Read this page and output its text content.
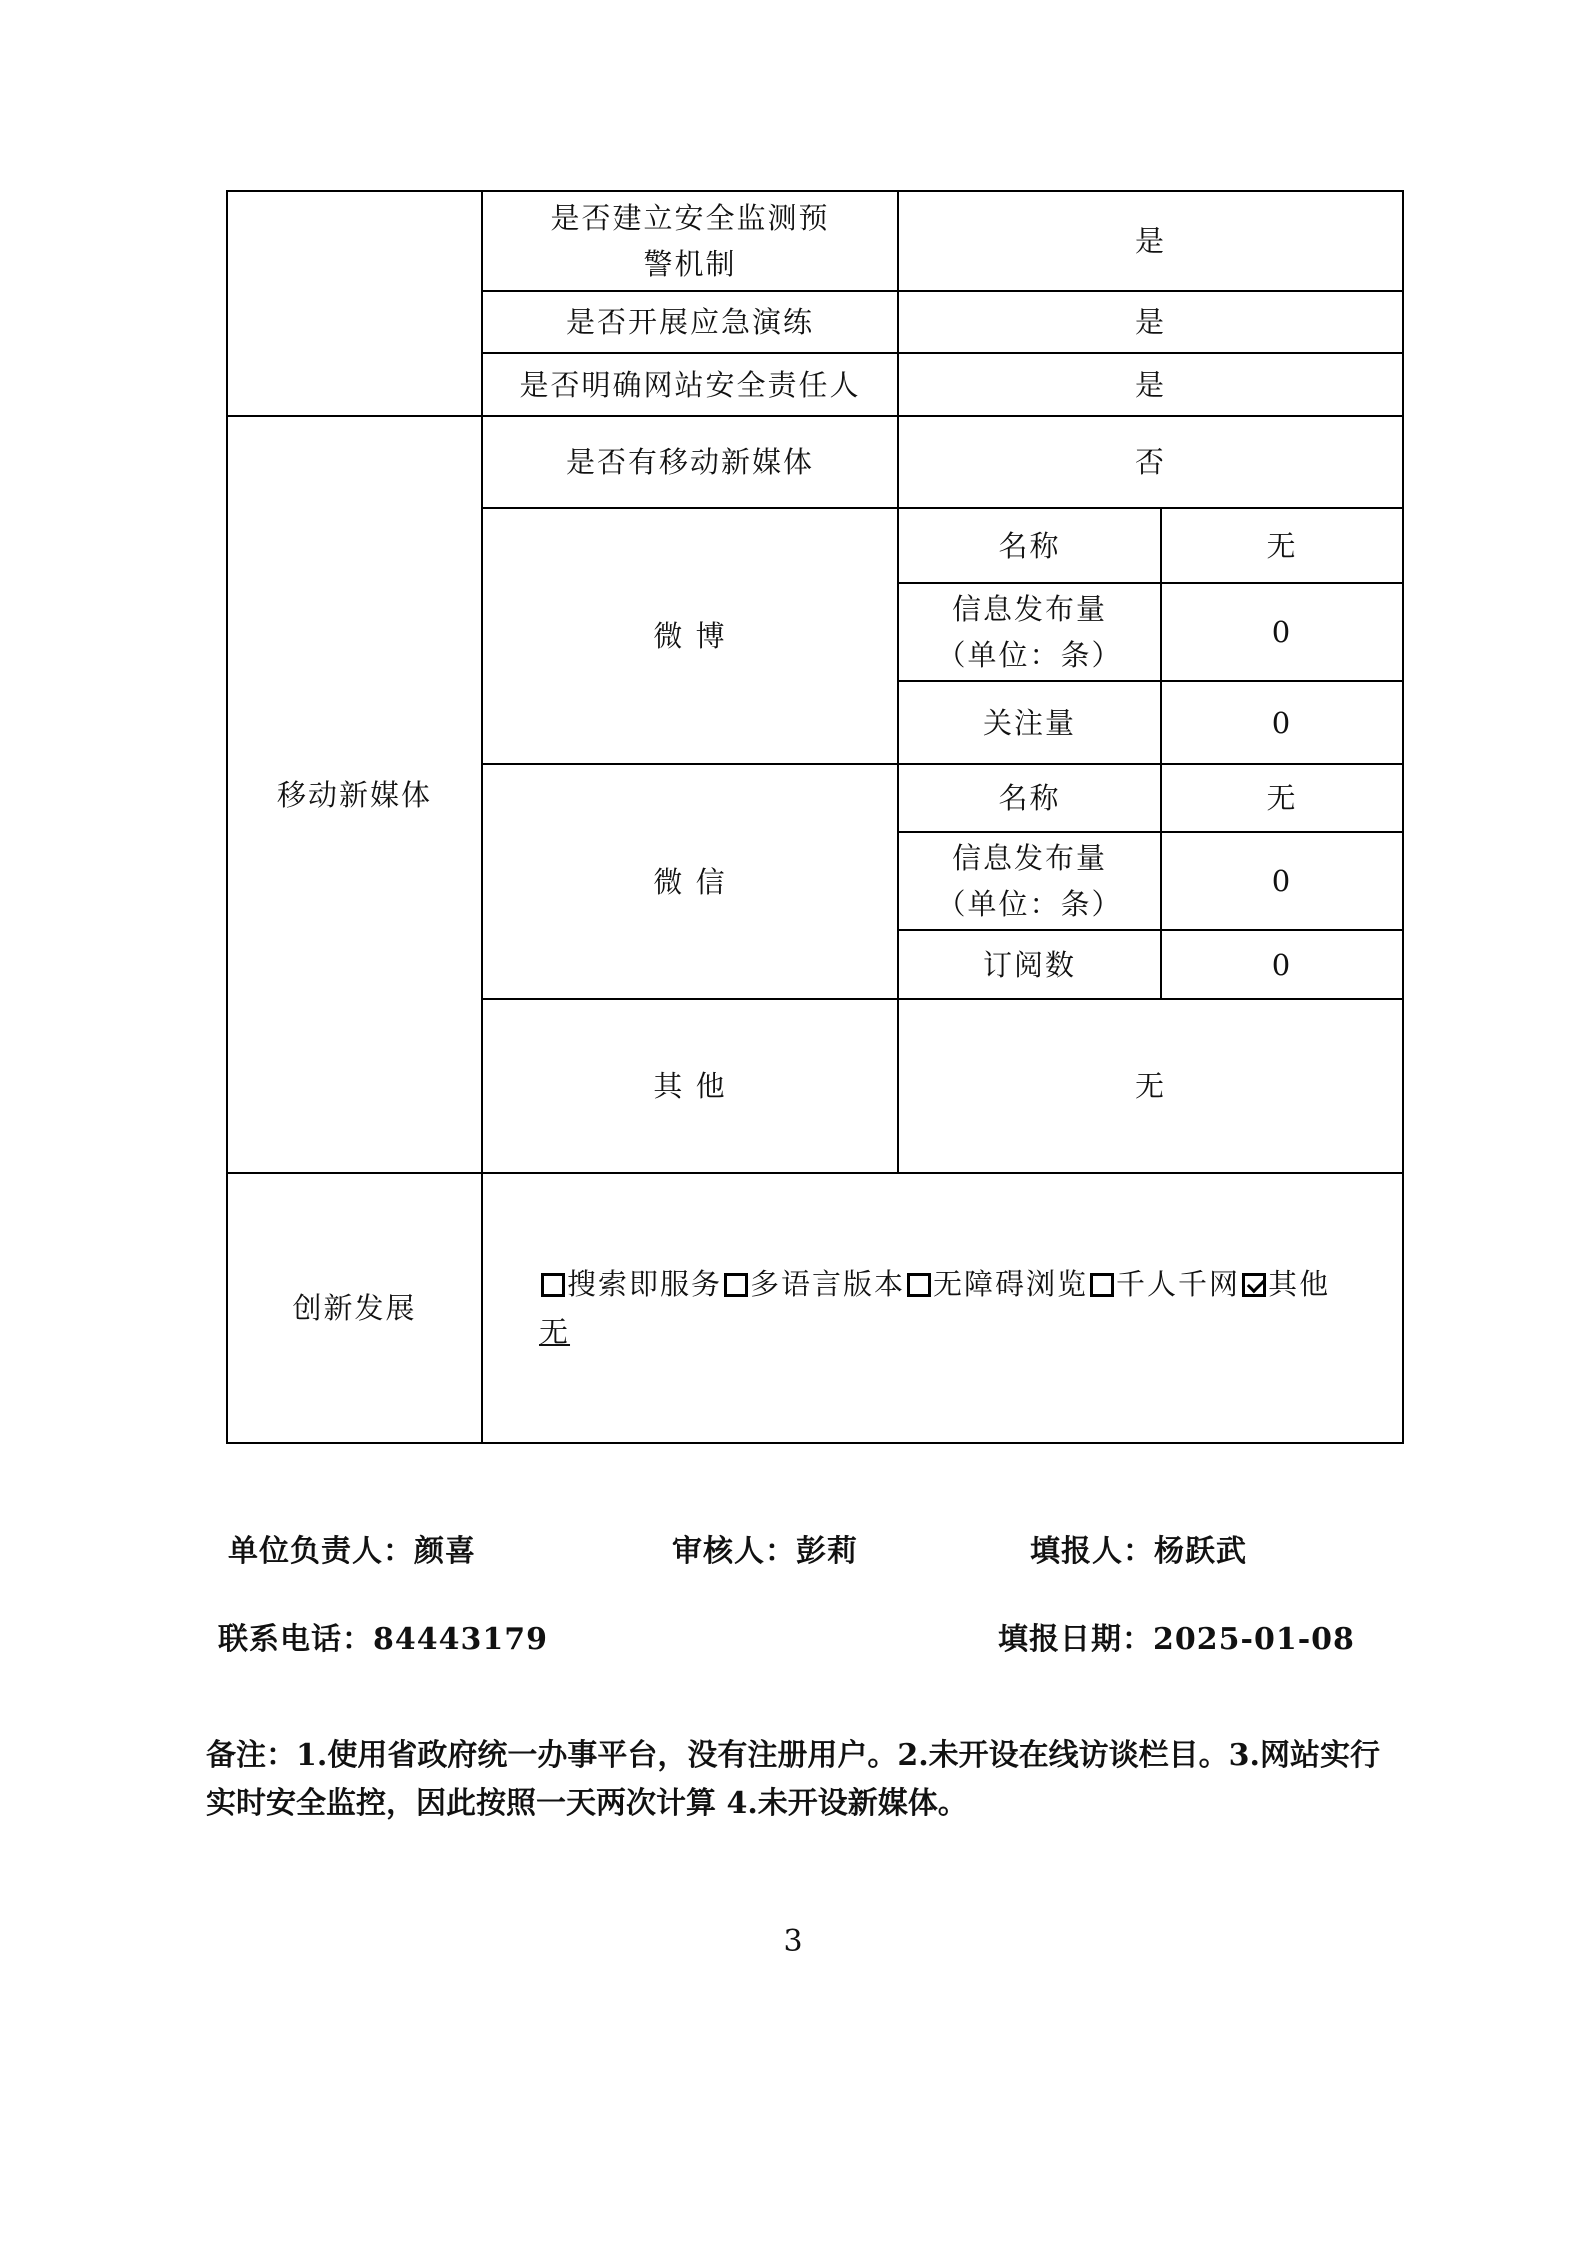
	是否建立安全监测预警机制	是	
	是否开展应急演练	是	
	是否明确网站安全责任人	是	
移动新媒体	是否有移动新媒体	否	
	微 博	名称	无
		信息发布量（单位：条）	0
		关注量	0
	微 信	名称	无
		信息发布量（单位：条）	0
		订阅数	0
	其 他	无	
创新发展	搜索即服务 多语言版本 无障碍浏览 千人千网 其他
无		
单位负责人：颜喜	审核人：彭莉	填报人：杨跃武
联系电话：84443179	填报日期：2025-01-08
备注：1.使用省政府统一办事平台，没有注册用户。2.未开设在线访谈栏目。3.网站实行实时安全监控，因此按照一天两次计算 4.未开设新媒体。
3
